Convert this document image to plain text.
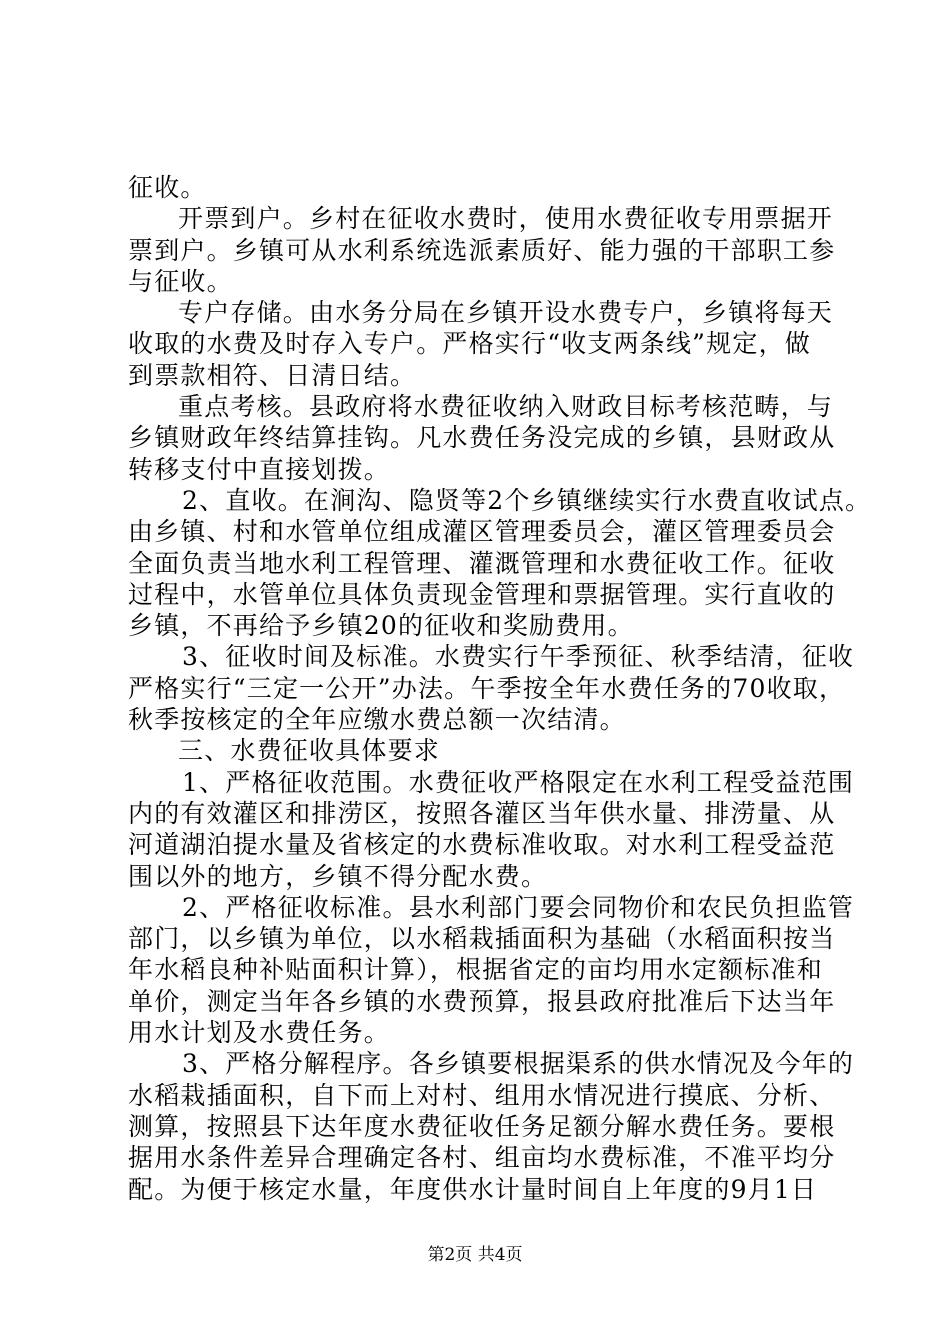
征收。
开票到户。乡村在征收水费时，使用水费征收专用票据开
票到户。乡镇可从水利系统选派素质好、能力强的干部职工参
与征收。
专户存储。由水务分局在乡镇开设水费专户，乡镇将每天
收取的水费及时存入专户。严格实行“收支两条线”规定，做
到票款相符、日清日结。
重点考核。县政府将水费征收纳入财政目标考核范畴，与
乡镇财政年终结算挂钩。凡水费任务没完成的乡镇，县财政从
转移支付中直接划拨。
2、直收。在涧沟、隐贤等2个乡镇继续实行水费直收试点。
由乡镇、村和水管单位组成灌区管理委员会，灌区管理委员会
全面负责当地水利工程管理、灌溉管理和水费征收工作。征收
过程中，水管单位具体负责现金管理和票据管理。实行直收的
乡镇，不再给予乡镇20的征收和奖励费用。
3、征收时间及标准。水费实行午季预征、秋季结清，征收
严格实行“三定一公开”办法。午季按全年水费任务的70收取，
秋季按核定的全年应缴水费总额一次结清。
三、水费征收具体要求
1、严格征收范围。水费征收严格限定在水利工程受益范围
内的有效灌区和排涝区，按照各灌区当年供水量、排涝量、从
河道湖泊提水量及省核定的水费标准收取。对水利工程受益范
围以外的地方，乡镇不得分配水费。
2、严格征收标准。县水利部门要会同物价和农民负担监管
部门，以乡镇为单位，以水稻栽插面积为基础（水稻面积按当
年水稻良种补贴面积计算），根据省定的亩均用水定额标准和
单价，测定当年各乡镇的水费预算，报县政府批准后下达当年
用水计划及水费任务。
3、严格分解程序。各乡镇要根据渠系的供水情况及今年的
水稻栽插面积，自下而上对村、组用水情况进行摸底、分析、
测算，按照县下达年度水费征收任务足额分解水费任务。要根
据用水条件差异合理确定各村、组亩均水费标准，不准平均分
配。为便于核定水量，年度供水计量时间自上年度的9月1日
第2页 共4页
